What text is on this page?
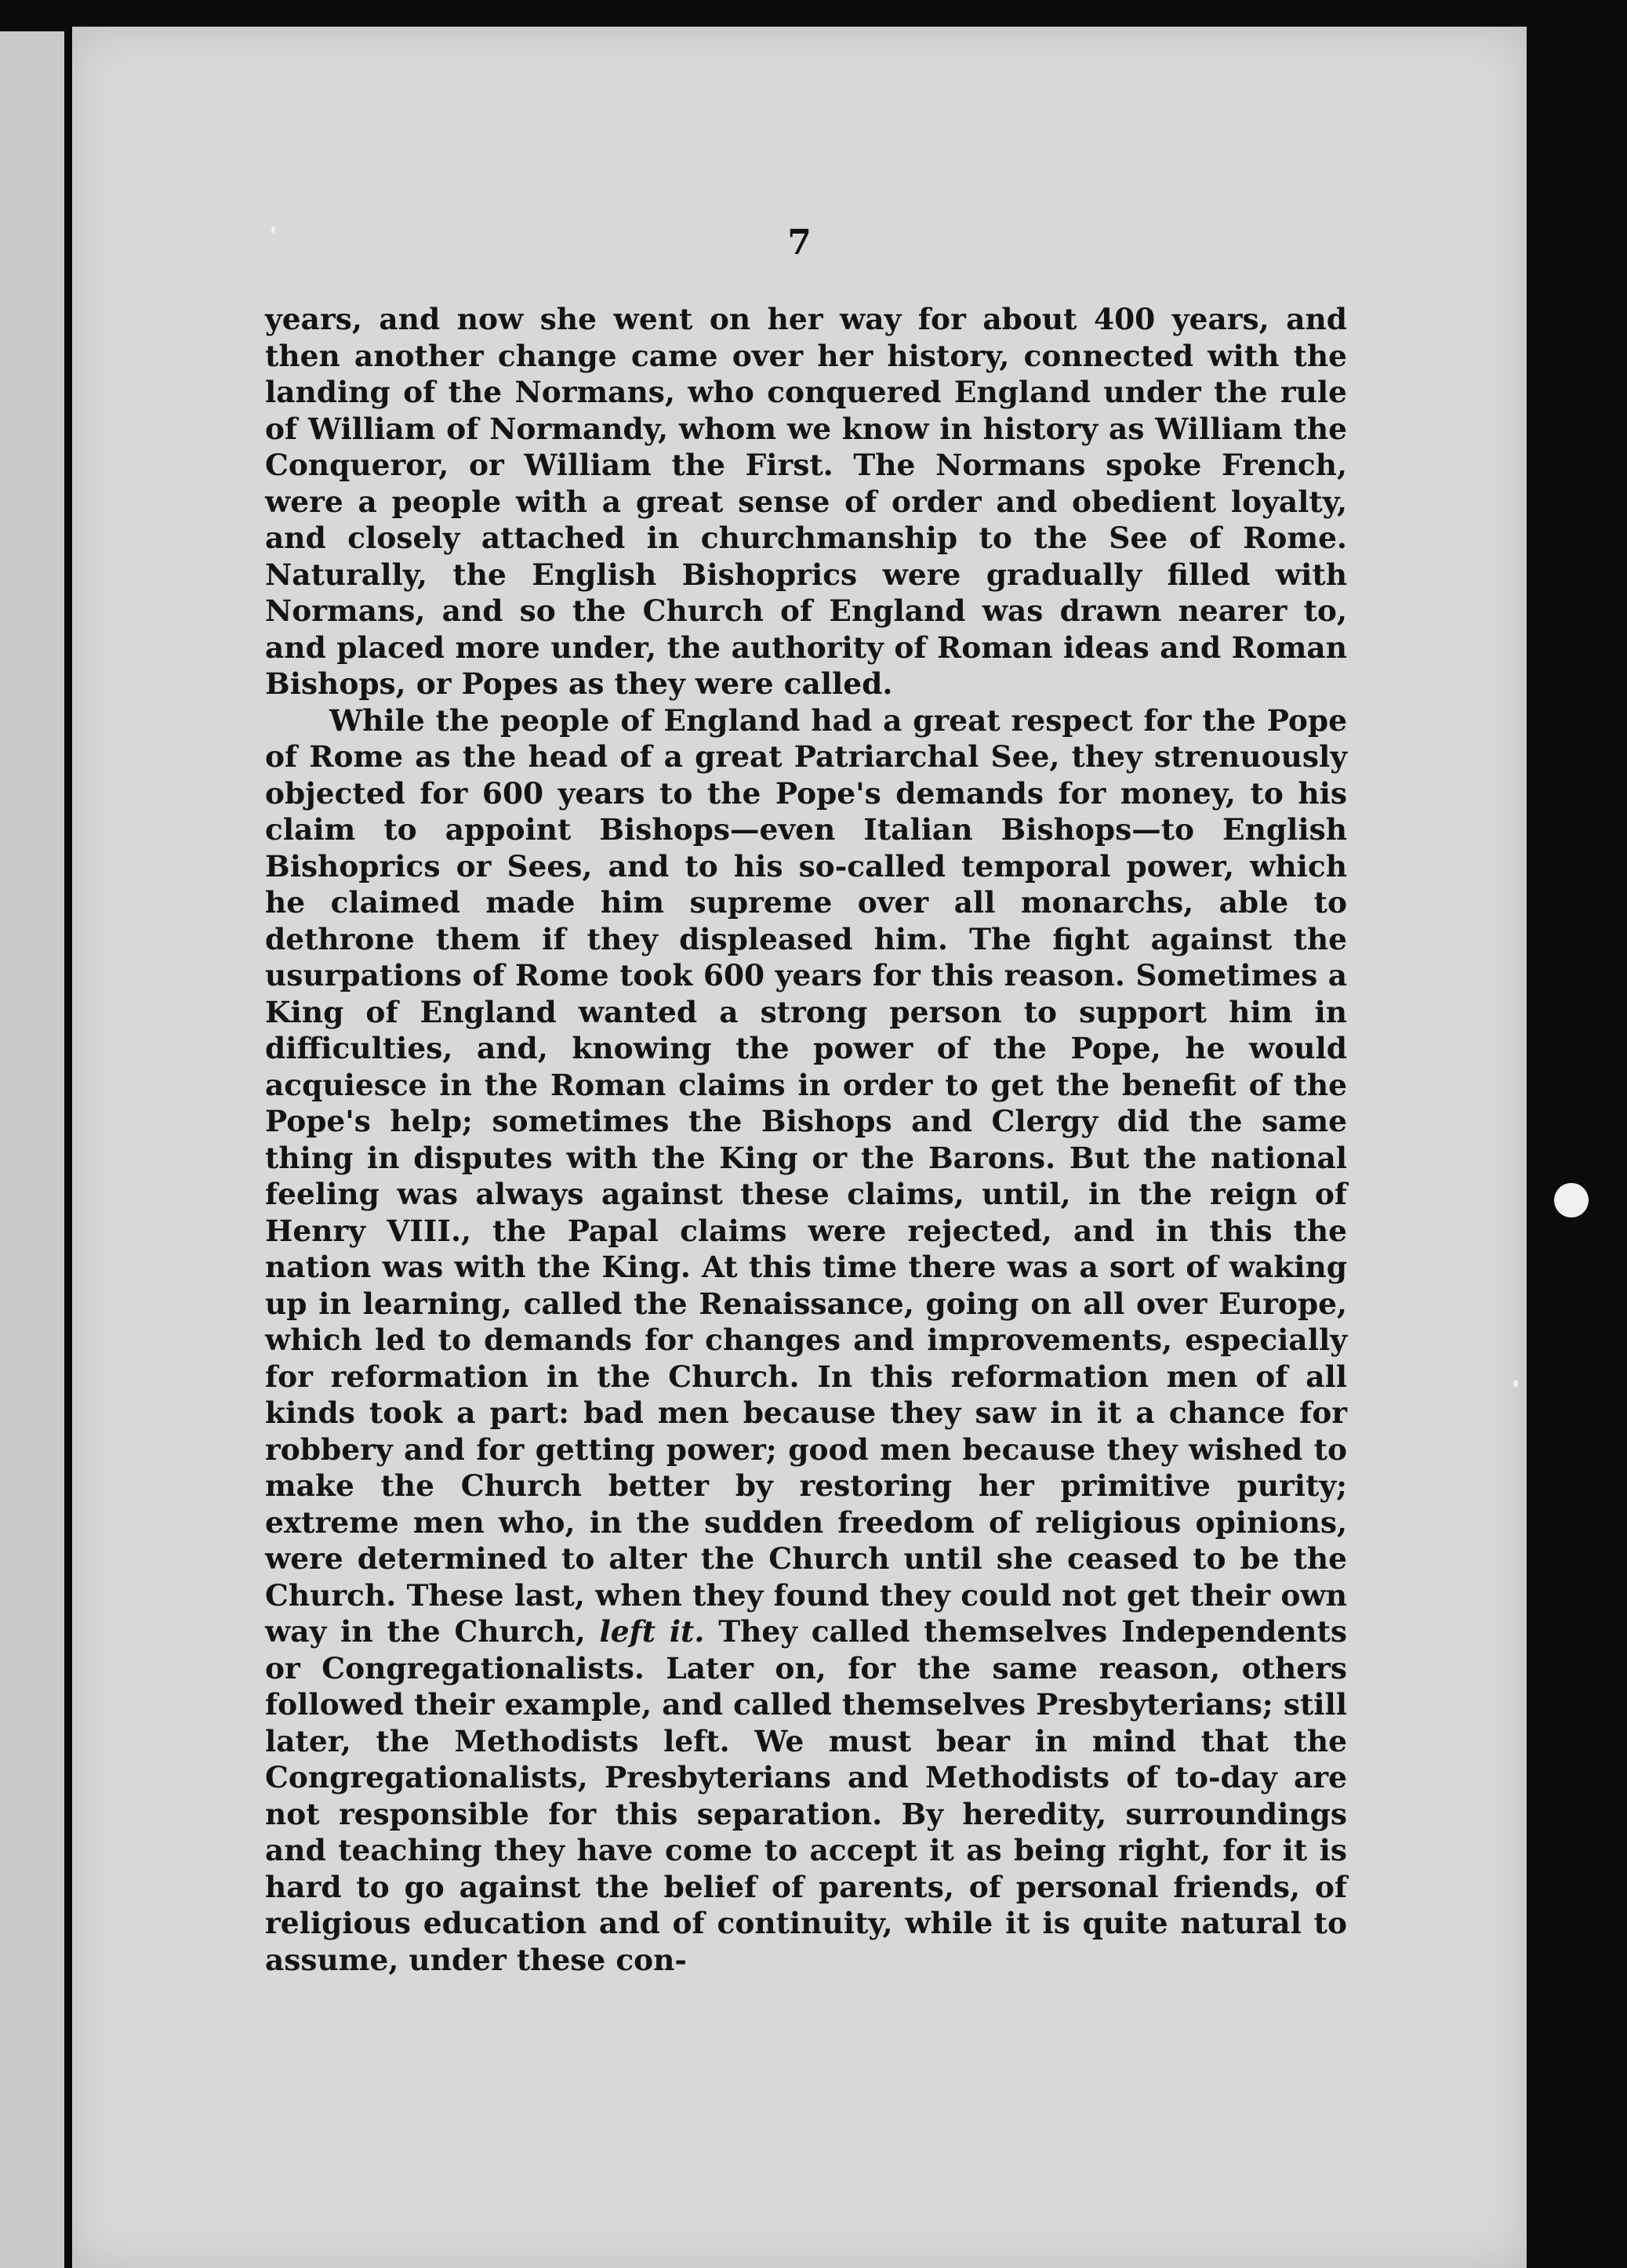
7

years, and now she went on her way for about 400 years, and then another change came over her history, connected with the landing of the Normans, who conquered England under the rule of William of Normandy, whom we know in history as William the Conqueror, or William the First. The Normans spoke French, were a people with a great sense of order and obedient loyalty, and closely attached in churchmanship to the See of Rome. Naturally, the English Bishoprics were gradually filled with Normans, and so the Church of England was drawn nearer to, and placed more under, the authority of Roman ideas and Roman Bishops, or Popes as they were called.

While the people of England had a great respect for the Pope of Rome as the head of a great Patriarchal See, they strenuously objected for 600 years to the Pope's demands for money, to his claim to appoint Bishops—even Italian Bishops—to English Bishoprics or Sees, and to his so-called temporal power, which he claimed made him supreme over all monarchs, able to dethrone them if they displeased him. The fight against the usurpations of Rome took 600 years for this reason. Sometimes a King of England wanted a strong person to support him in difficulties, and, knowing the power of the Pope, he would acquiesce in the Roman claims in order to get the benefit of the Pope's help; sometimes the Bishops and Clergy did the same thing in disputes with the King or the Barons. But the national feeling was always against these claims, until, in the reign of Henry VIII., the Papal claims were rejected, and in this the nation was with the King. At this time there was a sort of waking up in learning, called the Renaissance, going on all over Europe, which led to demands for changes and improvements, especially for reformation in the Church. In this reformation men of all kinds took a part: bad men because they saw in it a chance for robbery and for getting power; good men because they wished to make the Church better by restoring her primitive purity; extreme men who, in the sudden freedom of religious opinions, were determined to alter the Church until she ceased to be the Church. These last, when they found they could not get their own way in the Church, left it. They called themselves Independents or Congregationalists. Later on, for the same reason, others followed their example, and called themselves Presbyterians; still later, the Methodists left. We must bear in mind that the Congregationalists, Presbyterians and Methodists of to-day are not responsible for this separation. By heredity, surroundings and teaching they have come to accept it as being right, for it is hard to go against the belief of parents, of personal friends, of religious education and of continuity, while it is quite natural to assume, under these con-
